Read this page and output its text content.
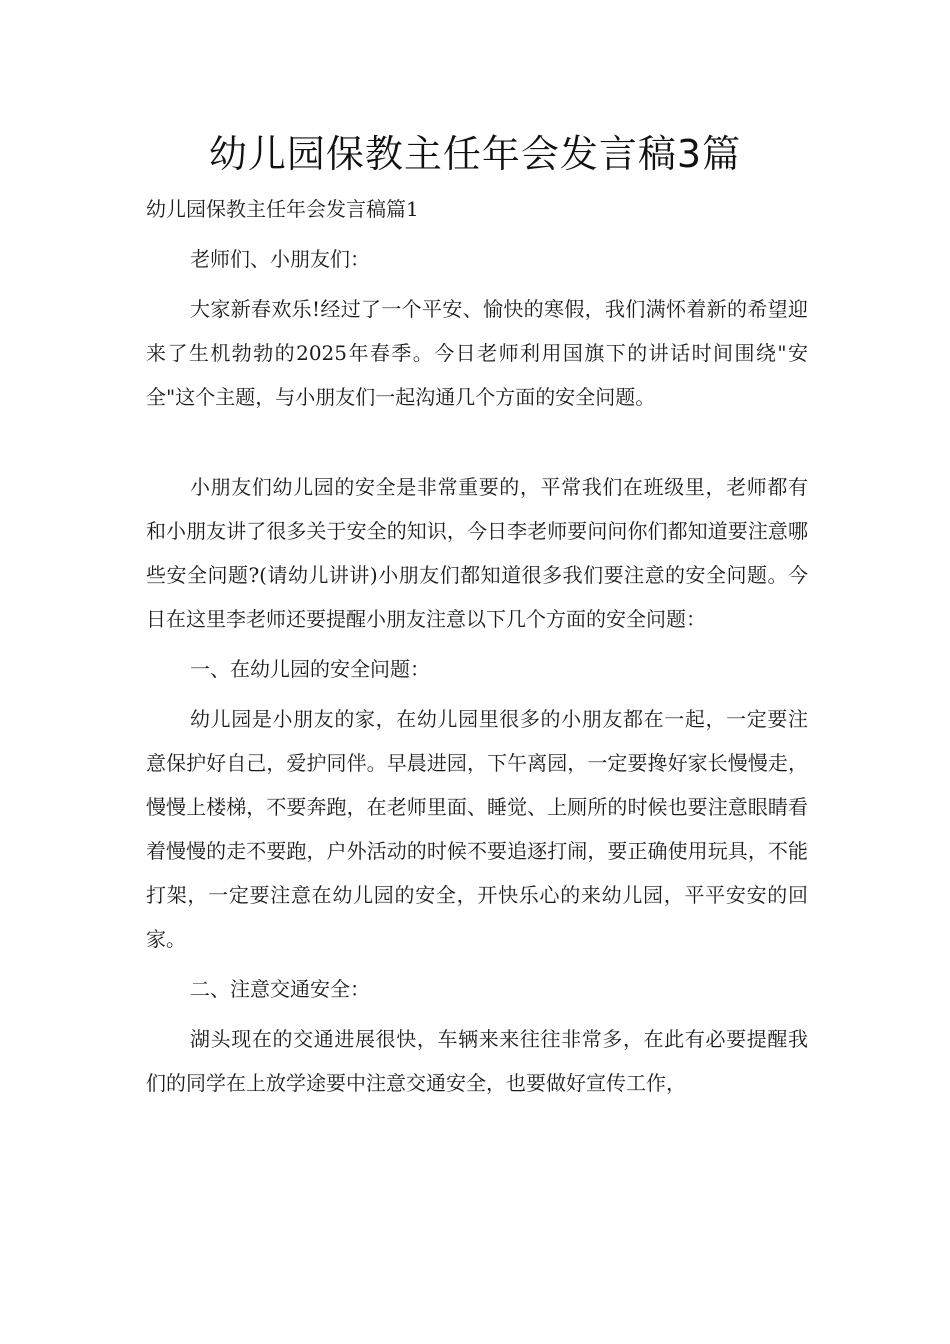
幼儿园保教主任年会发言稿3篇

幼儿园保教主任年会发言稿篇1

老师们、小朋友们：

大家新春欢乐!经过了一个平安、愉快的寒假，我们满怀着新的希望迎来了生机勃勃的2025年春季。今日老师利用国旗下的讲话时间围绕"安全"这个主题，与小朋友们一起沟通几个方面的安全问题。

小朋友们幼儿园的安全是非常重要的，平常我们在班级里，老师都有和小朋友讲了很多关于安全的知识，今日李老师要问问你们都知道要注意哪些安全问题?(请幼儿讲讲)小朋友们都知道很多我们要注意的安全问题。今日在这里李老师还要提醒小朋友注意以下几个方面的安全问题：

一、在幼儿园的安全问题：

幼儿园是小朋友的家，在幼儿园里很多的小朋友都在一起，一定要注意保护好自己，爱护同伴。早晨进园，下午离园，一定要搀好家长慢慢走，慢慢上楼梯，不要奔跑，在老师里面、睡觉、上厕所的时候也要注意眼睛看着慢慢的走不要跑，户外活动的时候不要追逐打闹，要正确使用玩具，不能打架，一定要注意在幼儿园的安全，开快乐心的来幼儿园，平平安安的回家。

二、注意交通安全：

湖头现在的交通进展很快，车辆来来往往非常多，在此有必要提醒我们的同学在上放学途要中注意交通安全，也要做好宣传工作，
